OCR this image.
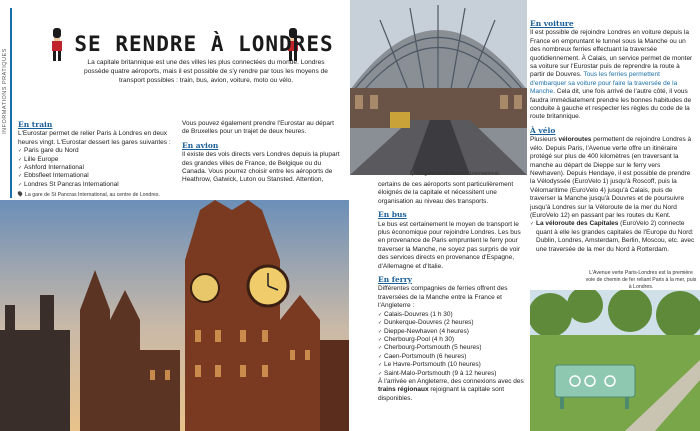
INFORMATIONS PRATIQUES
SE RENDRE À LONDRES
La capitale britannique est une des villes les plus connectées du monde. Londres possède quatre aéroports, mais il est possible de s'y rendre par tous les moyens de transport possibles : train, bus, avion, voiture, moto ou vélo.
En train
L'Eurostar permet de relier Paris à Londres en deux heures vingt. L'Eurostar dessert les gares suivantes :
✓ Paris gare du Nord
✓ Lille Europe
✓ Ashford International
✓ Ebbsfleet International
✓ Londres St Pancras International
Vous pouvez également prendre l'Eurostar au départ de Bruxelles pour un trajet de deux heures.
En avion
Il existe des vols directs vers Londres depuis la plupart des grandes villes de France, de Belgique ou du Canada. Vous pourrez choisir entre les aéroports de Heathrow, Gatwick, Luton ou Stansted. Attention,
La gare de St Pancras International, au centre de Londres.
La gare de St Pancras International.
certains de ces aéroports sont particulièrement éloignés de la capitale et nécessitent une organisation au niveau des transports.
En bus
Le bus est certainement le moyen de transport le plus économique pour rejoindre Londres. Les bus en provenance de Paris empruntent le ferry pour traverser la Manche, ne soyez pas surpris de voir des services directs en provenance d'Espagne, d'Allemagne et d'Italie.
En ferry
Différentes compagnies de ferries offrent des traversées de la Manche entre la France et l'Angleterre :
✓ Calais-Douvres (1 h 30)
✓ Dunkerque-Douvres (2 heures)
✓ Dieppe-Newhaven (4 heures)
✓ Cherbourg-Pool (4 h 30)
✓ Cherbourg-Portsmouth (5 heures)
✓ Caen-Portsmouth (6 heures)
✓ Le Havre-Portsmouth (10 heures)
✓ Saint-Malo-Portsmouth (9 à 12 heures)
À l'arrivée en Angleterre, des connexions avec des trains régionaux rejoignant la capitale sont disponibles.
En voiture
Il est possible de rejoindre Londres en voiture depuis la France en empruntant le tunnel sous la Manche ou un des nombreux ferries effectuant la traversée quotidiennement. À Calais, un service permet de monter sa voiture sur l'Eurostar puis de reprendre la route à partir de Douvres. Tous les ferries permettent d'embarquer sa voiture pour faire la traversée de la Manche. Cela dit, une fois arrivé de l'autre côté, il vous faudra immédiatement prendre les bonnes habitudes de conduite à gauche et respecter les règles du code de la route britannique.
À vélo
Plusieurs véloroutes permettent de rejoindre Londres à vélo. Depuis Paris, l'Avenue verte offre un itinéraire protégé sur plus de 400 kilomètres (en traversant la manche au départ de Dieppe sur le ferry vers Newhaven). Depuis Hendaye, il est possible de prendre la Vélodyssée (EuroVelo 1) jusqu'à Roscoff, puis la Vélomaritime (EuroVelo 4) jusqu'à Calais, puis de traverser la Manche jusqu'à Douvres et de poursuivre jusqu'à Londres sur la Véloroute de la mer du Nord (EuroVelo 12) en passant par les routes du Kent.
✓ La véloroute des Capitales (EuroVelo 2) connecte quant à elle les grandes capitales de l'Europe du Nord: Dublin, Londres, Amsterdam, Berlin, Moscou, etc. avec une traversée de la mer du Nord à Rotterdam.
L'Avenue verte Paris-Londres est la première voie de chemin de fer reliant Paris à la mer, puis à Londres.
